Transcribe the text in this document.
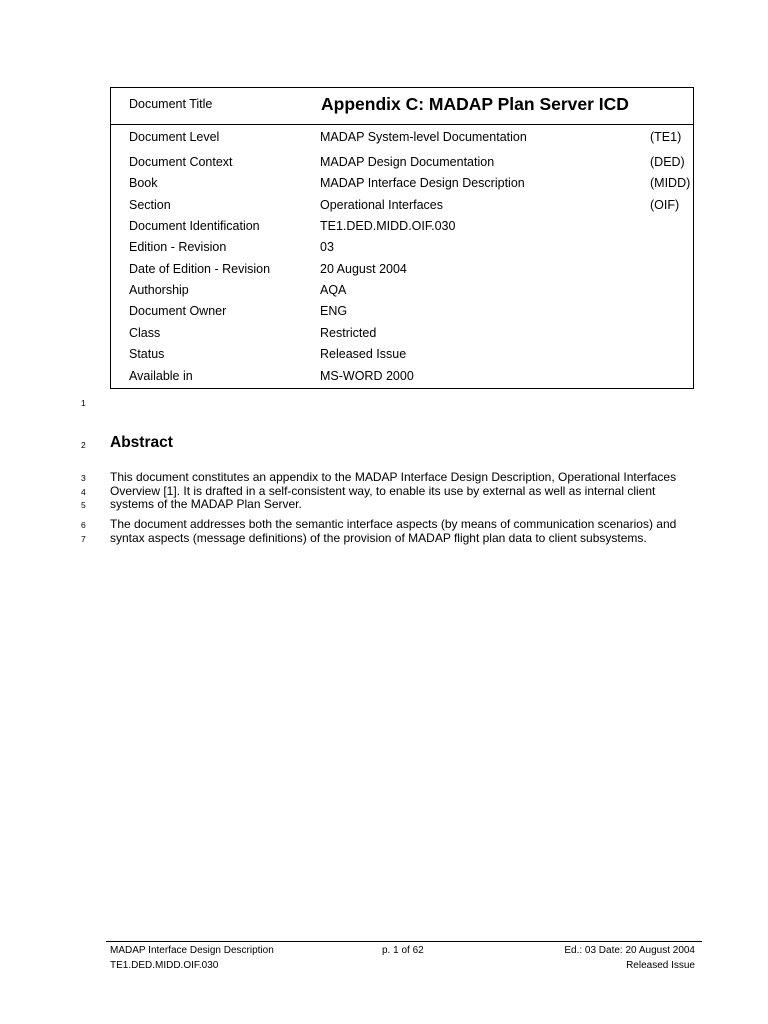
Document Title	Appendix C: MADAP Plan Server ICD
Document Level	MADAP System-level Documentation	(TE1)
Document Context	MADAP Design Documentation	(DED)
Book	MADAP Interface Design Description	(MIDD)
Section	Operational Interfaces	(OIF)
Document Identification	TE1.DED.MIDD.OIF.030
Edition - Revision	03
Date of Edition - Revision	20 August 2004
Authorship	AQA
Document Owner	ENG
Class	Restricted
Status	Released Issue
Available in	MS-WORD 2000
1
2
3
4
5
6
7
Abstract
This document constitutes an appendix to the MADAP Interface Design Description, Operational Interfaces
Overview [1]. It is drafted in a self-consistent way, to enable its use by external as well as internal client
systems of the MADAP Plan Server.
The document addresses both the semantic interface aspects (by means of communication scenarios) and
syntax aspects (message definitions) of the provision of MADAP flight plan data to client subsystems.
MADAP Interface Design Description
TE1.DED.MIDD.OIF.030
p. 1 of 62	Ed.: 03 Date: 20 August 2004
Released Issue
